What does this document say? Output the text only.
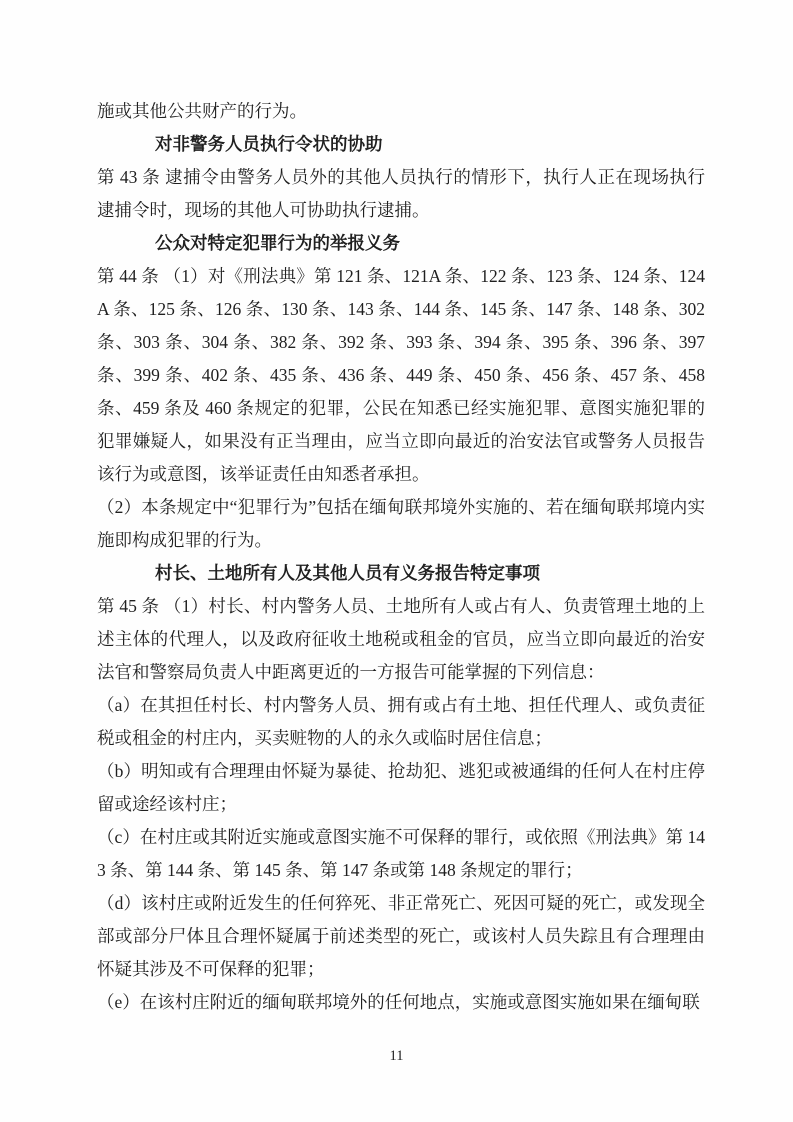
施或其他公共财产的行为。

对非警务人员执行令状的协助

第 43 条 逮捕令由警务人员外的其他人员执行的情形下，执行人正在现场执行逮捕令时，现场的其他人可协助执行逮捕。

公众对特定犯罪行为的举报义务

第 44 条 （1）对《刑法典》第 121 条、121A 条、122 条、123 条、124 条、124A 条、125 条、126 条、130 条、143 条、144 条、145 条、147 条、148 条、302 条、303 条、304 条、382 条、392 条、393 条、394 条、395 条、396 条、397 条、399 条、402 条、435 条、436 条、449 条、450 条、456 条、457 条、458 条、459 条及 460 条规定的犯罪，公民在知悉已经实施犯罪、意图实施犯罪的犯罪嫌疑人，如果没有正当理由，应当立即向最近的治安法官或警务人员报告该行为或意图，该举证责任由知悉者承担。

（2）本条规定中“犯罪行为”包括在缅甸联邦境外实施的、若在缅甸联邦境内实施即构成犯罪的行为。

村长、土地所有人及其他人员有义务报告特定事项

第 45 条 （1）村长、村内警务人员、土地所有人或占有人、负责管理土地的上述主体的代理人，以及政府征收土地税或租金的官员，应当立即向最近的治安法官和警察局负责人中距离更近的一方报告可能掌握的下列信息：

（a）在其担任村长、村内警务人员、拥有或占有土地、担任代理人、或负责征税或租金的村庄内，买卖赃物的人的永久或临时居住信息；

（b）明知或有合理理由怀疑为暴徒、抢劫犯、逃犯或被通缉的任何人在村庄停留或途经该村庄；

（c）在村庄或其附近实施或意图实施不可保释的罪行，或依照《刑法典》第 143 条、第 144 条、第 145 条、第 147 条或第 148 条规定的罪行；

（d）该村庄或附近发生的任何猝死、非正常死亡、死因可疑的死亡，或发现全部或部分尸体且合理怀疑属于前述类型的死亡，或该村人员失踪且有合理理由怀疑其涉及不可保释的犯罪；

（e）在该村庄附近的缅甸联邦境外的任何地点，实施或意图实施如果在缅甸联

11
